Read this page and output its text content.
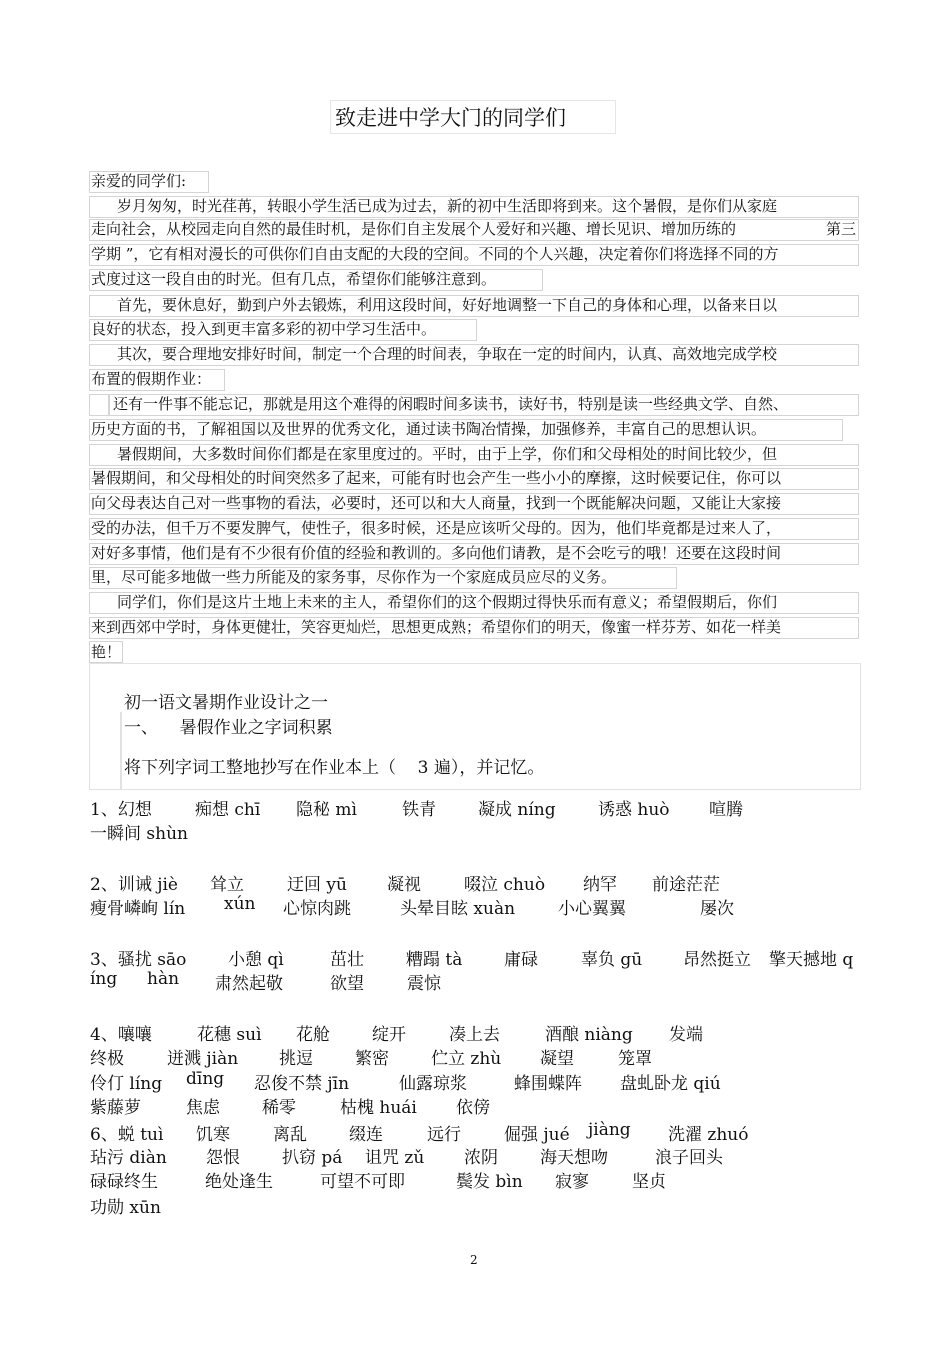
致走进中学大门的同学们
亲爱的同学们:
岁月匆匆，时光荏苒，转眼小学生活已成为过去，新的初中生活即将到来。这个暑假，是你们从家庭
走向社会，从校园走向自然的最佳时机，是你们自主发展个人爱好和兴趣、增长见识、增加历练的	第三
学期 ”，它有相对漫长的可供你们自由支配的大段的空间。不同的个人兴趣，决定着你们将选择不同的方
式度过这一段自由的时光。但有几点，希望你们能够注意到。
首先，要休息好，勤到户外去锻炼，利用这段时间，好好地调整一下自己的身体和心理，以备来日以
良好的状态，投入到更丰富多彩的初中学习生活中。
其次，要合理地安排好时间，制定一个合理的时间表，争取在一定的时间内，认真、高效地完成学校
布置的假期作业：
还有一件事不能忘记，那就是用这个难得的闲暇时间多读书，读好书，特别是读一些经典文学、自然、
历史方面的书，了解祖国以及世界的优秀文化，通过读书陶冶情操，加强修养，丰富自己的思想认识。
暑假期间，大多数时间你们都是在家里度过的。平时，由于上学，你们和父母相处的时间比较少，但
暑假期间，和父母相处的时间突然多了起来，可能有时也会产生一些小小的摩擦，这时候要记住，你可以
向父母表达自己对一些事物的看法，必要时，还可以和大人商量，找到一个既能解决问题，又能让大家接
受的办法，但千万不要发脾气，使性子，很多时候，还是应该听父母的。因为，他们毕竟都是过来人了，
对好多事情，他们是有不少很有价值的经验和教训的。多向他们请教，是不会吃亏的哦！还要在这段时间
里，尽可能多地做一些力所能及的家务事，尽你作为一个家庭成员应尽的义务。
同学们，你们是这片土地上未来的主人，希望你们的这个假期过得快乐而有意义；希望假期后，你们
来到西郊中学时，身体更健壮，笑容更灿烂，思想更成熟；希望你们的明天，像蜜一样芬芳、如花一样美
艳！
初一语文暑期作业设计之一
一、    暑假作业之字词积累
将下列字词工整地抄写在作业本上（    3 遍），并记忆。
1、幻想	痴想 chī 隐秘 mì	铁青 凝成 níng 诱惑 huò 喧腾
一瞬间 shùn
2、训诫 jiè 耸立	迂回 yū 凝视	啜泣 chuò 纳罕 前途茫茫
瘦骨嶙峋 lín xún 心惊肉跳	头晕目眩 xuàn	小心翼翼	屡次
3、骚扰 sāo 小憩 qì	茁壮 糟蹋 tà 庸碌	辜负 gū 昂然挺立 擎天撼地 q
íng hàn 肃然起敬	欲望	震惊
4、嚷嚷	花穗 suì 花舱 绽开	凑上去	酒酿 niàng 发端
终极	迸溅 jiàn 挑逗 繁密 伫立 zhù 凝望	笼罩
伶仃 líng dīng 忍俊不禁 jīn	仙露琼浆	蜂围蝶阵 盘虬卧龙 qiú
紫藤萝	焦虑 稀零	枯槐 huái 依傍
6、蜕 tuì 饥寒	离乱 缀连	远行	倔强 jué jiàng 洗濯 zhuó
玷污 diàn 怨恨 扒窃 pá 诅咒 zǔ 浓阴 海天想吻	浪子回头
碌碌终生	绝处逢生	可望不可即	鬓发 bìn 寂寥	坚贞
功勋 xūn
2
